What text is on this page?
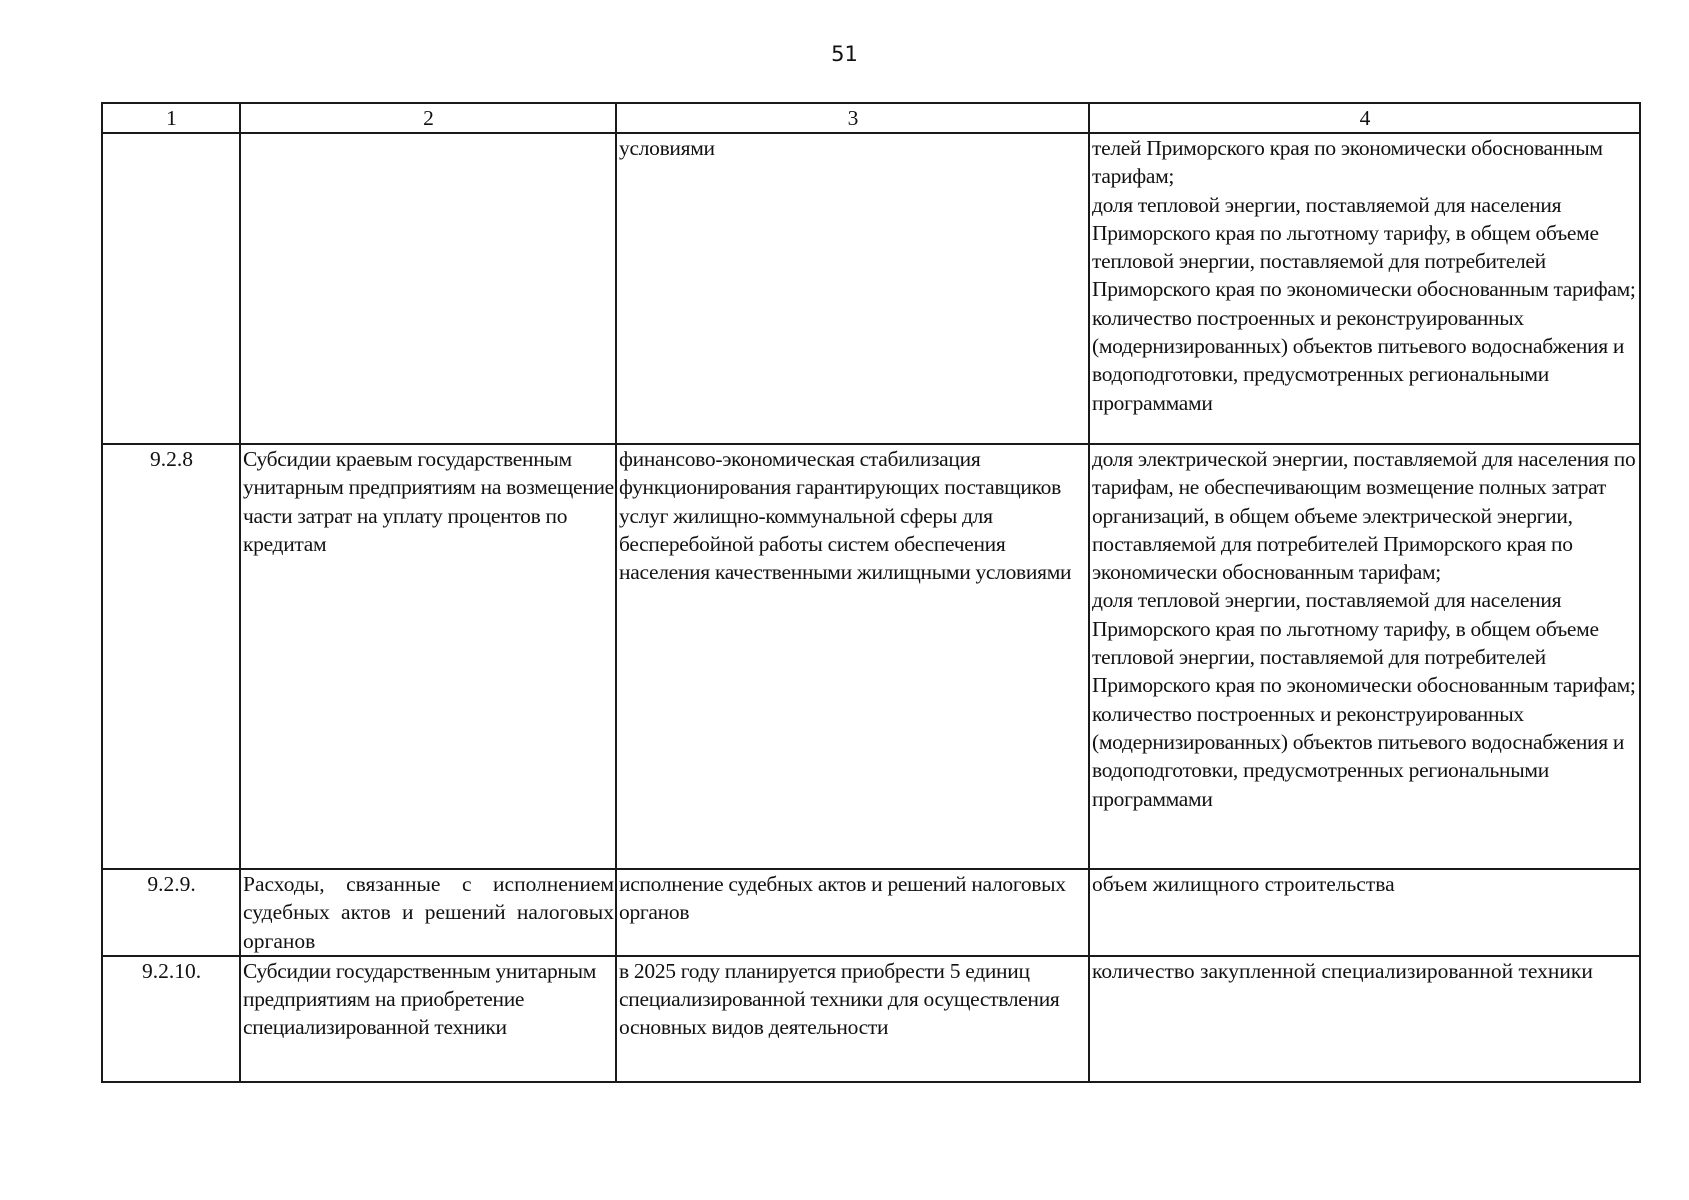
51
1	2	3	4
		условиями	телей Приморского края по экономически обоснованным тарифам;
доля тепловой энергии, поставляемой для населения Приморского края по льготному тарифу, в общем объеме тепловой энергии, поставляемой для потребителей Приморского края по экономически обоснованным тарифам;
количество построенных и реконструированных (модернизированных) объектов питьевого водоснабжения и водоподготовки, предусмотренных региональными программами
9.2.8	Субсидии краевым государственным унитарным предприятиям на возмещение части затрат на уплату процентов по кредитам	финансово-экономическая стабилизация функционирования гарантирующих поставщиков услуг жилищно-коммунальной сферы для бесперебойной работы систем обеспечения населения качественными жилищными условиями	доля электрической энергии, поставляемой для населения по тарифам, не обеспечивающим возмещение полных затрат организаций, в общем объеме электрической энергии, поставляемой для потребителей Приморского края по экономически обоснованным тарифам;
доля тепловой энергии, поставляемой для населения Приморского края по льготному тарифу, в общем объеме тепловой энергии, поставляемой для потребителей Приморского края по экономически обоснованным тарифам;
количество построенных и реконструированных (модернизированных) объектов питьевого водоснабжения и водоподготовки, предусмотренных региональными программами
9.2.9.	Расходы, связанные с исполнением судебных актов и решений налоговых органов	исполнение судебных актов и решений налоговых органов	объем жилищного строительства
9.2.10.	Субсидии государственным унитарным предприятиям на приобретение специализированной техники	в 2025 году планируется приобрести 5 единиц специализированной техники для осуществления основных видов деятельности	количество закупленной специализированной техники
